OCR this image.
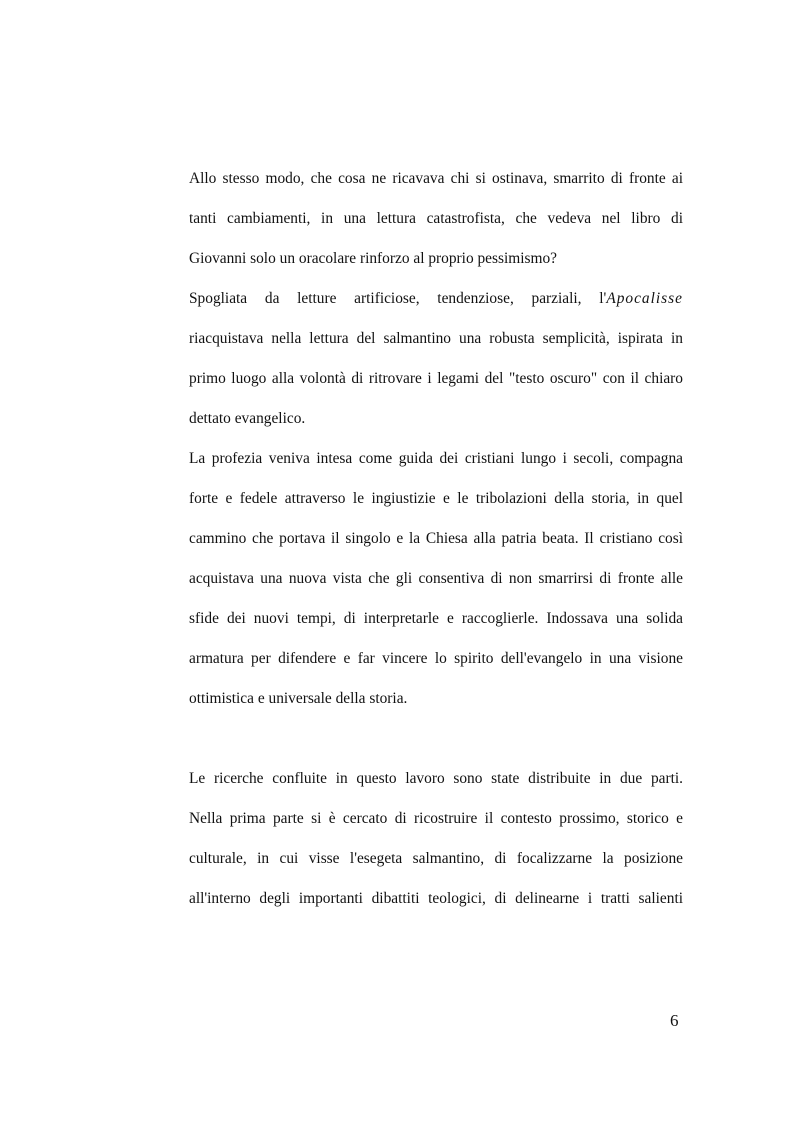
Allo stesso modo, che cosa ne ricavava chi si ostinava, smarrito di fronte ai
tanti cambiamenti, in una lettura catastrofista, che vedeva nel libro di
Giovanni solo un oracolare rinforzo al proprio pessimismo?
Spogliata da letture artificiose, tendenziose, parziali, l'Apocalisse
riacquistava nella lettura del salmantino una robusta semplicità, ispirata in
primo luogo alla volontà di ritrovare i legami del "testo oscuro" con il chiaro
dettato evangelico.
La profezia veniva intesa come guida dei cristiani lungo i secoli, compagna
forte e fedele attraverso le ingiustizie e le tribolazioni della storia, in quel
cammino che portava il singolo e la Chiesa alla patria beata. Il cristiano così
acquistava una nuova vista che gli consentiva di non smarrirsi di fronte alle
sfide dei nuovi tempi, di interpretarle e raccoglierle. Indossava una solida
armatura per difendere e far vincere lo spirito dell'evangelo in una visione
ottimistica e universale della storia.
Le ricerche confluite in questo lavoro sono state distribuite in due parti.
Nella prima parte si è cercato di ricostruire il contesto prossimo, storico e
culturale, in cui visse l'esegeta salmantino, di focalizzarne la posizione
all'interno degli importanti dibattiti teologici, di delinearne i tratti salienti
6
